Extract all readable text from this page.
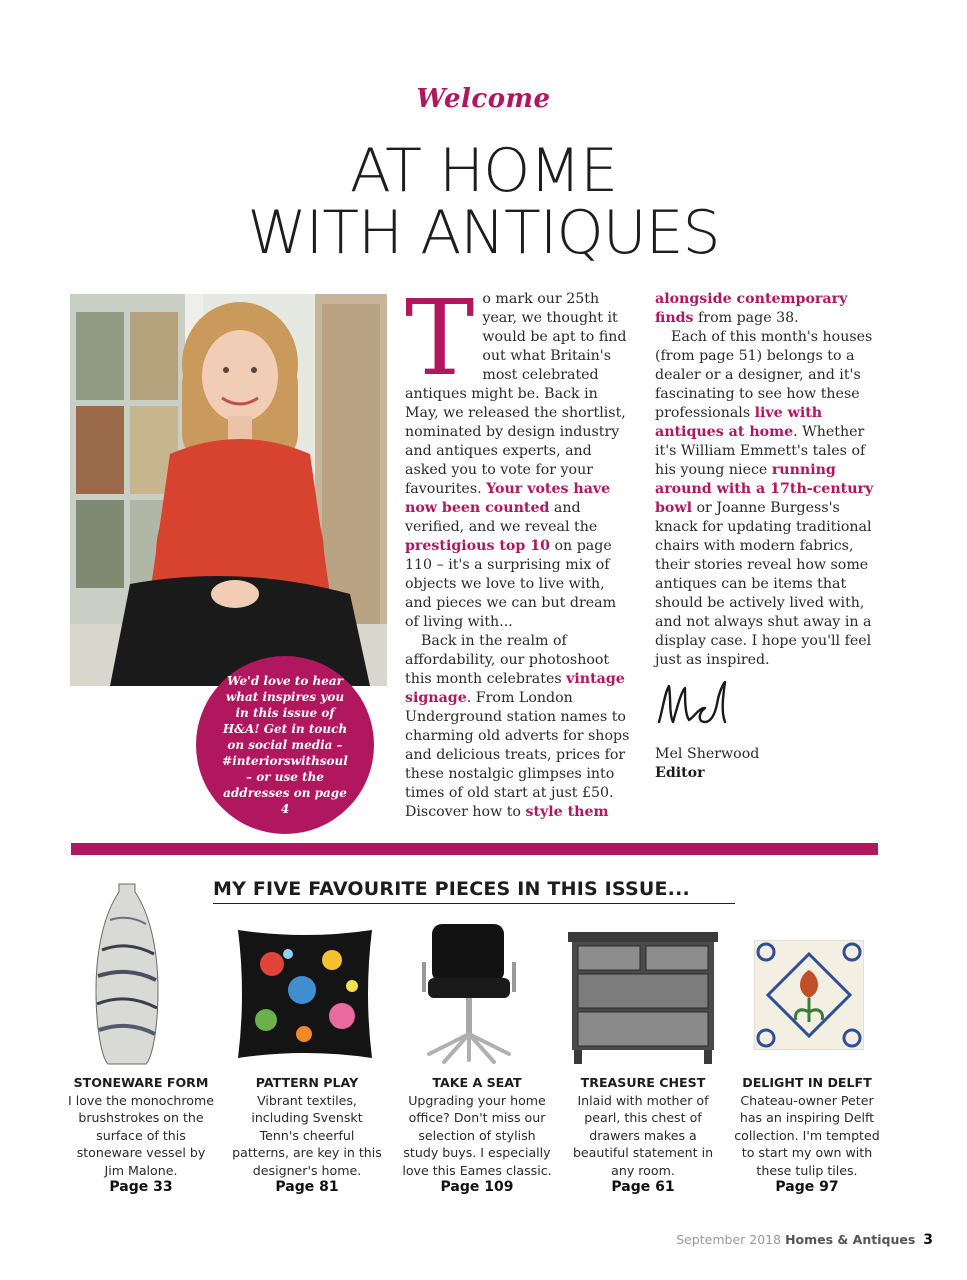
Welcome
AT HOME
WITH ANTIQUES

We'd love to hear what inspires you in this issue of H&A! Get in touch on social media – #interiorswithsoul – or use the addresses on page 4

To mark our 25th year, we thought it would be apt to find out what Britain's most celebrated antiques might be. Back in May, we released the shortlist, nominated by design industry and antiques experts, and asked you to vote for your favourites. Your votes have now been counted and verified, and we reveal the prestigious top 10 on page 110 – it's a surprising mix of objects we love to live with, and pieces we can but dream of living with...

Back in the realm of affordability, our photoshoot this month celebrates vintage signage. From London Underground station names to charming old adverts for shops and delicious treats, prices for these nostalgic glimpses into times of old start at just £50. Discover how to style them

alongside contemporary finds from page 38.

Each of this month's houses (from page 51) belongs to a dealer or a designer, and it's fascinating to see how these professionals live with antiques at home. Whether it's William Emmett's tales of his young niece running around with a 17th-century bowl or Joanne Burgess's knack for updating traditional chairs with modern fabrics, their stories reveal how some antiques can be items that should be actively lived with, and not always shut away in a display case. I hope you'll feel just as inspired.

Mel Sherwood
Editor
MY FIVE FAVOURITE PIECES IN THIS ISSUE...
STONEWARE FORM
I love the monochrome brushstrokes on the surface of this stoneware vessel by Jim Malone.
Page 33
PATTERN PLAY
Vibrant textiles, including Svenskt Tenn's cheerful patterns, are key in this designer's home.
Page 81
TAKE A SEAT
Upgrading your home office? Don't miss our selection of stylish study buys. I especially love this Eames classic.
Page 109
TREASURE CHEST
Inlaid with mother of pearl, this chest of drawers makes a beautiful statement in any room.
Page 61
DELIGHT IN DELFT
Chateau-owner Peter has an inspiring Delft collection. I'm tempted to start my own with these tulip tiles.
Page 97
September 2018 Homes & Antiques 3
